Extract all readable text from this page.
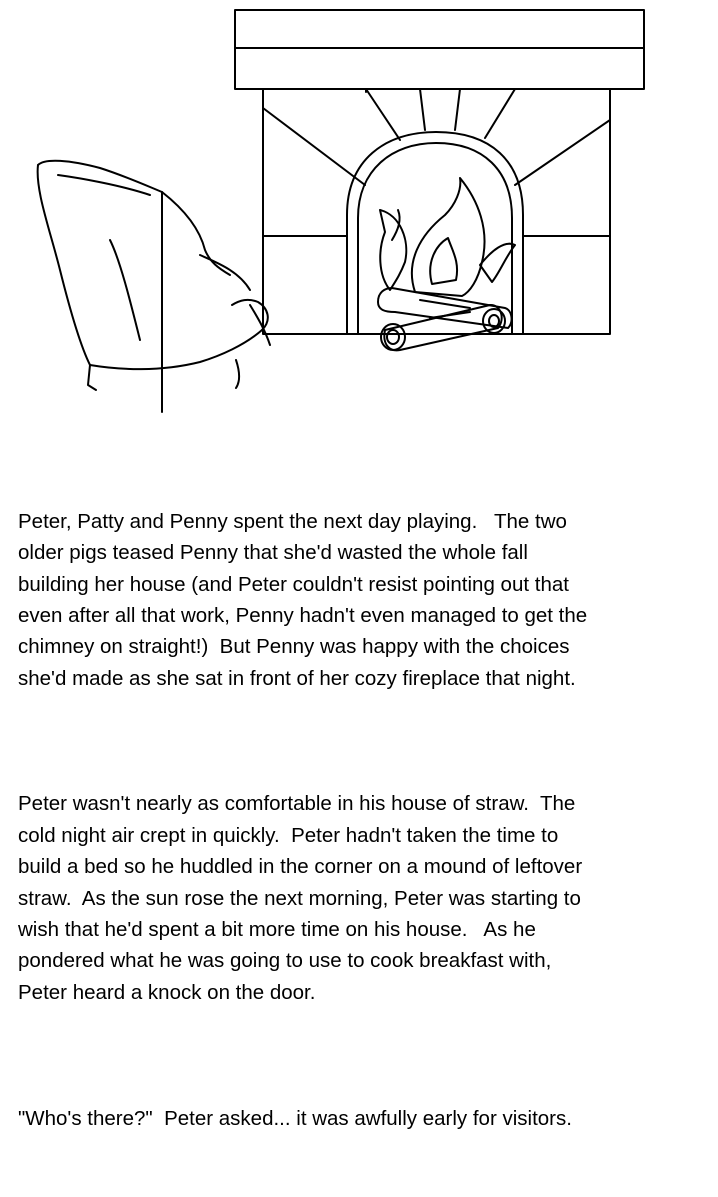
Peter, Patty and Penny spent the next day playing.   The two
older pigs teased Penny that she'd wasted the whole fall
building her house (and Peter couldn't resist pointing out that
even after all that work, Penny hadn't even managed to get the
chimney on straight!)  But Penny was happy with the choices
she'd made as she sat in front of her cozy fireplace that night.

Peter wasn't nearly as comfortable in his house of straw.  The
cold night air crept in quickly.  Peter hadn't taken the time to
build a bed so he huddled in the corner on a mound of leftover
straw.  As the sun rose the next morning, Peter was starting to
wish that he'd spent a bit more time on his house.   As he
pondered what he was going to use to cook breakfast with,
Peter heard a knock on the door.

"Who's there?"  Peter asked... it was awfully early for visitors.
